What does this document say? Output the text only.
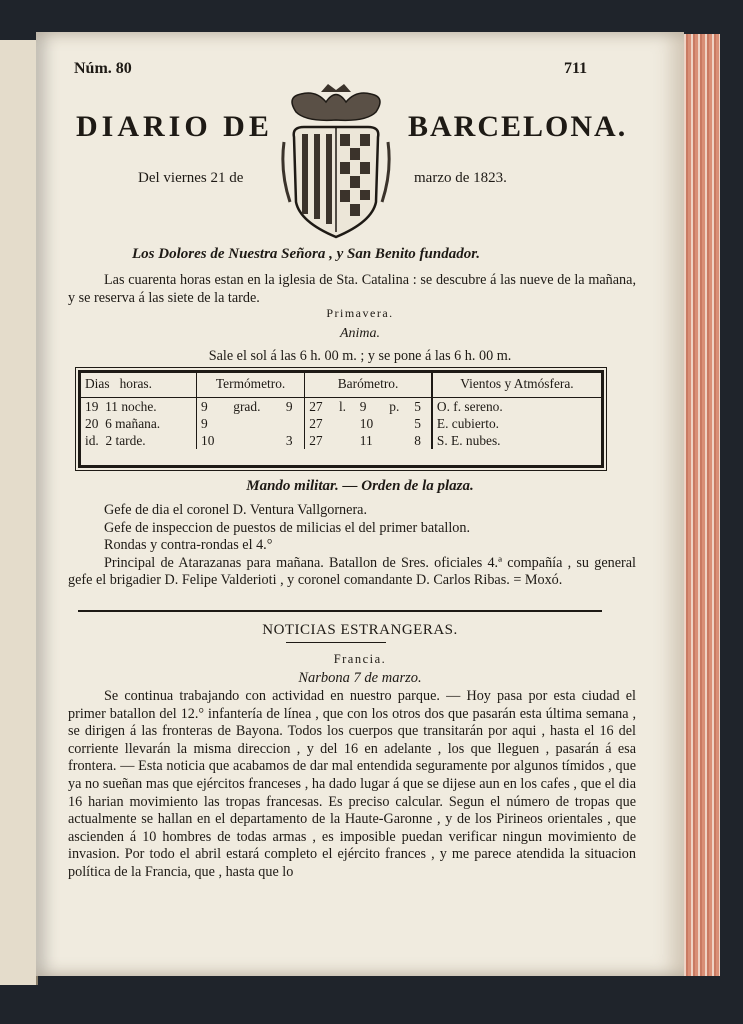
Núm. 80	711
DIARIO DE	BARCELONA.
Del viernes 21 de	marzo de 1823.
Los Dolores de Nuestra Señora , y San Benito fundador.
Las cuarenta horas estan en la iglesia de Sta. Catalina : se descubre á las nueve de la mañana, y se reserva á las siete de la tarde.
Primavera.
Anima.
Sale el sol á las 6 h. 00 m. ; y se pone á las 6 h. 00 m.
Dias horas.	Termómetro.			Barómetro.					Vientos y Atmósfera.
19 11 noche.	9	grad.	9	27	l.	9	p.	5	O. f. sereno.
20 6 mañana.	9			27		10		5	E. cubierto.
id. 2 tarde.	10		3	27		11		8	S. E. nubes.
Mando militar. — Orden de la plaza.
Gefe de dia el coronel D. Ventura Vallgornera.
Gefe de inspeccion de puestos de milicias el del primer batallon.
Rondas y contra-rondas el 4.°
Principal de Atarazanas para mañana. Batallon de Sres. oficiales 4.ª compañía , su general gefe el brigadier D. Felipe Valderioti , y coronel comandante D. Carlos Ribas. = Moxó.
NOTICIAS ESTRANGERAS.
Francia.
Narbona 7 de marzo.
Se continua trabajando con actividad en nuestro parque. — Hoy pasa por esta ciudad el primer batallon del 12.° infantería de línea , que con los otros dos que pasarán esta última semana , se dirigen á las fronteras de Bayona. Todos los cuerpos que transitarán por aqui , hasta el 16 del corriente llevarán la misma direccion , y del 16 en adelante , los que lleguen , pasarán á esa frontera. — Esta noticia que acabamos de dar mal entendida seguramente por algunos tímidos , que ya no sueñan mas que ejércitos franceses , ha dado lugar á que se dijese aun en los cafes , que el dia 16 harian movimiento las tropas francesas. Es preciso calcular. Segun el número de tropas que actualmente se hallan en el departamento de la Haute-Garonne , y de los Pirineos orientales , que ascienden á 10 hombres de todas armas , es imposible puedan verificar ningun movimiento de invasion. Por todo el abril estará completo el ejército frances , y me parece atendida la situacion política de la Francia, que , hasta que lo
